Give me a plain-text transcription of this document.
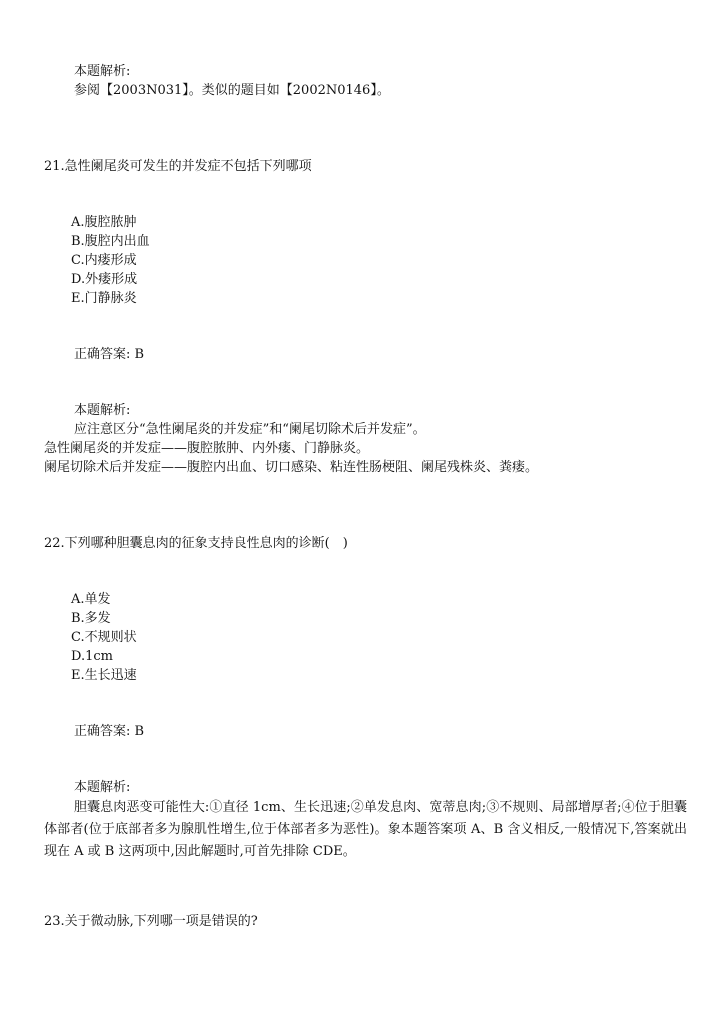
本题解析:
参阅【2003N031】。类似的题目如【2002N0146】。
21.急性阑尾炎可发生的并发症不包括下列哪项
A.腹腔脓肿
B.腹腔内出血
C.内瘘形成
D.外瘘形成
E.门静脉炎
正确答案: B
本题解析:
应注意区分“急性阑尾炎的并发症”和“阑尾切除术后并发症”。
急性阑尾炎的并发症——腹腔脓肿、内外瘘、门静脉炎。
阑尾切除术后并发症——腹腔内出血、切口感染、粘连性肠梗阻、阑尾残株炎、粪瘘。
22.下列哪种胆囊息肉的征象支持良性息肉的诊断(　)
A.单发
B.多发
C.不规则状
D.1cm
E.生长迅速
正确答案: B
本题解析:
胆囊息肉恶变可能性大:①直径 1cm、生长迅速;②单发息肉、宽蒂息肉;③不规则、局部增厚者;④位于胆囊体部者(位于底部者多为腺肌性增生,位于体部者多为恶性)。象本题答案项 A、B 含义相反,一般情况下,答案就出现在 A 或 B 这两项中,因此解题时,可首先排除 CDE。
23.关于微动脉,下列哪一项是错误的?
